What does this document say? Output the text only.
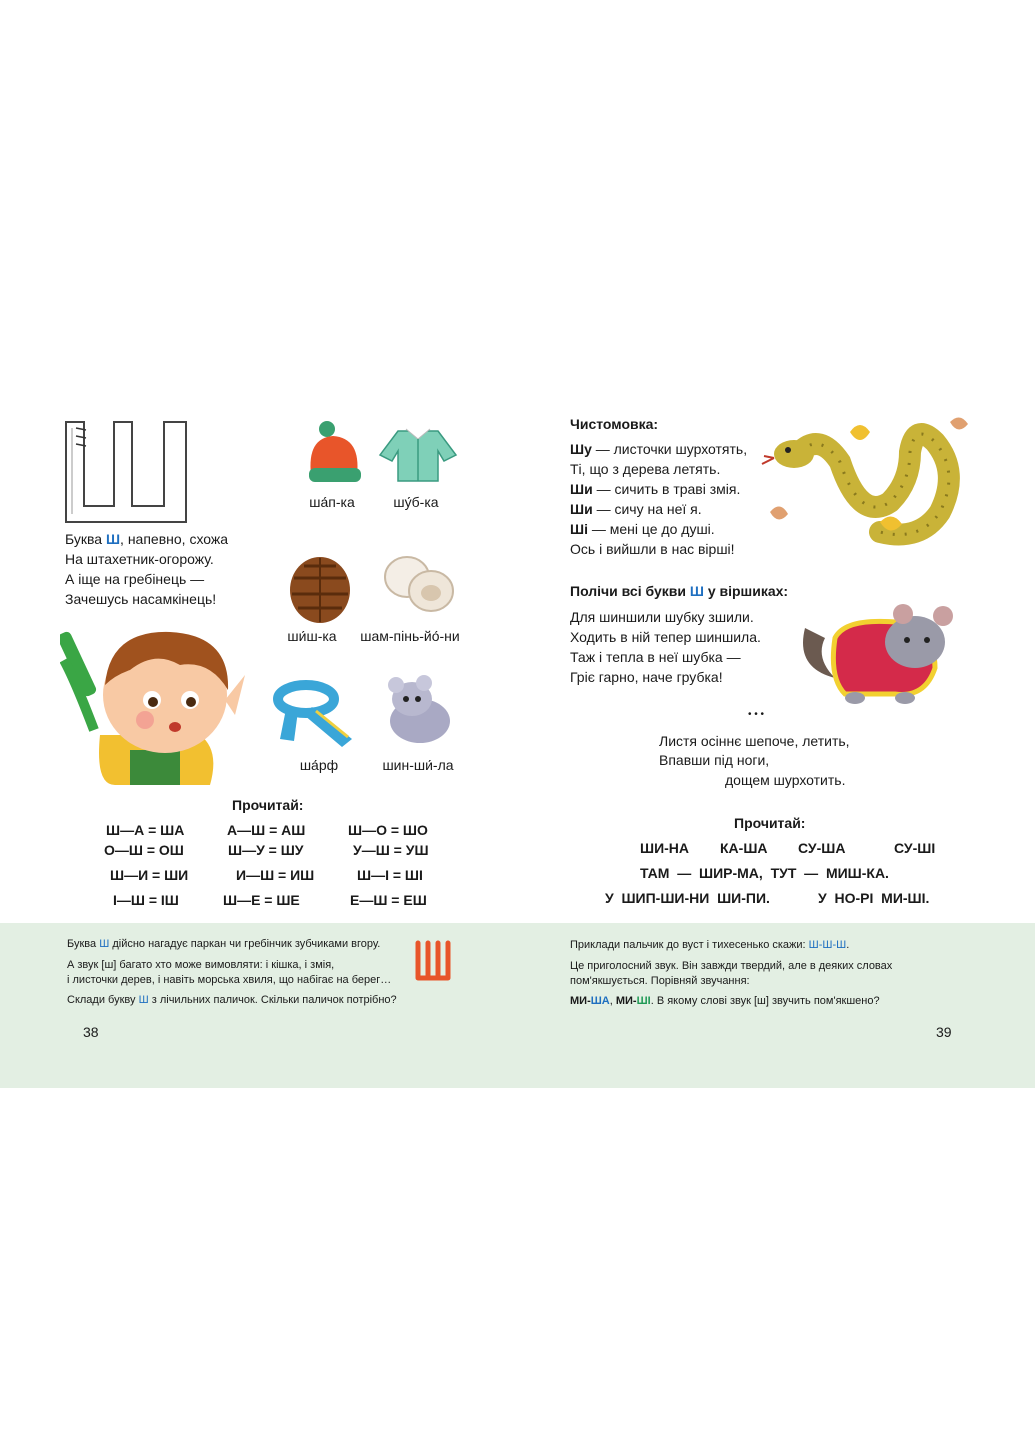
Буква Ш, напевно, схожа
На штахетник-огорожу.
А іще на гребінець —
Зачешусь насамкінець!
ша́п-ка	шу́б-ка
ши́ш-ка	шам-пінь-йо́-ни
ша́рф	шин-ши́-ла
Прочитай:
Ш—А = ША	А—Ш = АШ	Ш—О = ШО
О—Ш = ОШ	Ш—У = ШУ	У—Ш = УШ
Ш—И = ШИ	И—Ш = ИШ	Ш—І = ШІ
І—Ш = ІШ	Ш—Е = ШЕ	Е—Ш = ЕШ
Чистомовка:
Шу — листочки шурхотять,
Ті, що з дерева летять.
Ши — сичить в траві змія.
Ши — сичу на неї я.
Ші — мені це до душі.
Ось і вийшли в нас вірші!
Полічи всі букви Ш у віршиках:
Для шиншили шубку зшили.
Ходить в ній тепер шиншила.
Таж і тепла в неї шубка —
Гріє гарно, наче грубка!
• • •
Листя осіннє шепоче, летить,
Впавши під ноги,
дощем шурхотить.
Прочитай:
ШИ-НА КА-ША СУ-ША	СУ-ШІ
ТАМ  —  ШИР-МА,  ТУТ  —  МИШ-КА.
У  ШИП-ШИ-НИ  ШИ-ПИ.	У  НО-РІ  МИ-ШІ.
Буква Ш дійсно нагадує паркан чи гребінчик зубчиками вгору.
А звук [ш] багато хто може вимовляти: і кішка, і змія,
і листочки дерев, і навіть морська хвиля, що набігає на берег…
Склади букву Ш з лічильних паличок. Скільки паличок потрібно?
38
Приклади пальчик до вуст і тихесенько скажи: Ш-Ш-Ш.
Це приголосний звук. Він завжди твердий, але в деяких словах
пом'якшується. Порівняй звучання:
МИ-ША, МИ-ШІ. В якому слові звук [ш] звучить пом'якшено?
39
